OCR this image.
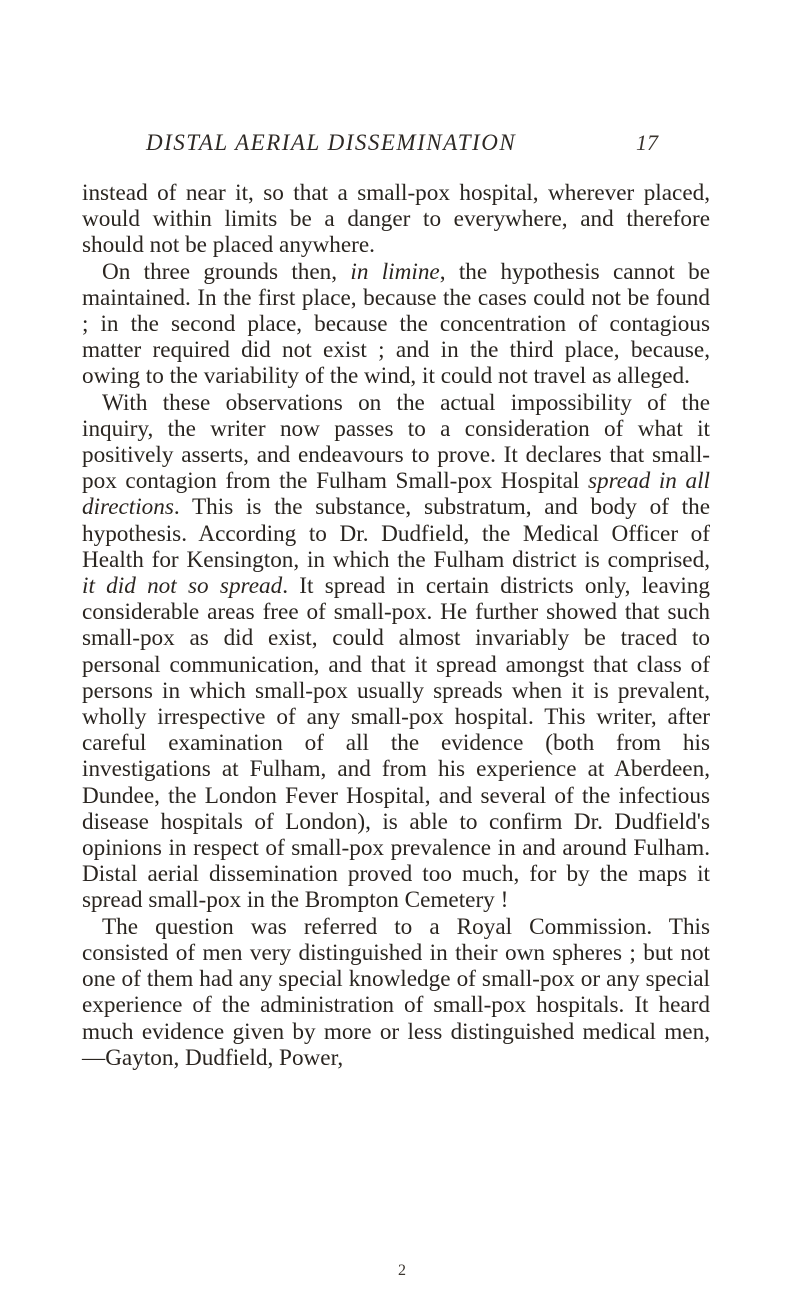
DISTAL AERIAL DISSEMINATION	17

instead of near it, so that a small-pox hospital, wherever placed, would within limits be a danger to everywhere, and therefore should not be placed anywhere.

On three grounds then, in limine, the hypothesis cannot be maintained. In the first place, because the cases could not be found ; in the second place, because the concentration of contagious matter required did not exist ; and in the third place, because, owing to the variability of the wind, it could not travel as alleged.

With these observations on the actual impossibility of the inquiry, the writer now passes to a consideration of what it positively asserts, and endeavours to prove. It declares that small-pox contagion from the Fulham Small-pox Hospital spread in all directions. This is the substance, substratum, and body of the hypothesis. According to Dr. Dudfield, the Medical Officer of Health for Kensington, in which the Fulham district is comprised, it did not so spread. It spread in certain districts only, leaving considerable areas free of small-pox. He further showed that such small-pox as did exist, could almost invariably be traced to personal communication, and that it spread amongst that class of persons in which small-pox usually spreads when it is prevalent, wholly irrespective of any small-pox hospital. This writer, after careful examination of all the evidence (both from his investigations at Fulham, and from his experience at Aberdeen, Dundee, the London Fever Hospital, and several of the infectious disease hospitals of London), is able to confirm Dr. Dudfield's opinions in respect of small-pox prevalence in and around Fulham. Distal aerial dissemination proved too much, for by the maps it spread small-pox in the Brompton Cemetery !

The question was referred to a Royal Commission. This consisted of men very distinguished in their own spheres ; but not one of them had any special knowledge of small-pox or any special experience of the administration of small-pox hospitals. It heard much evidence given by more or less distinguished medical men,—Gayton, Dudfield, Power,

2
